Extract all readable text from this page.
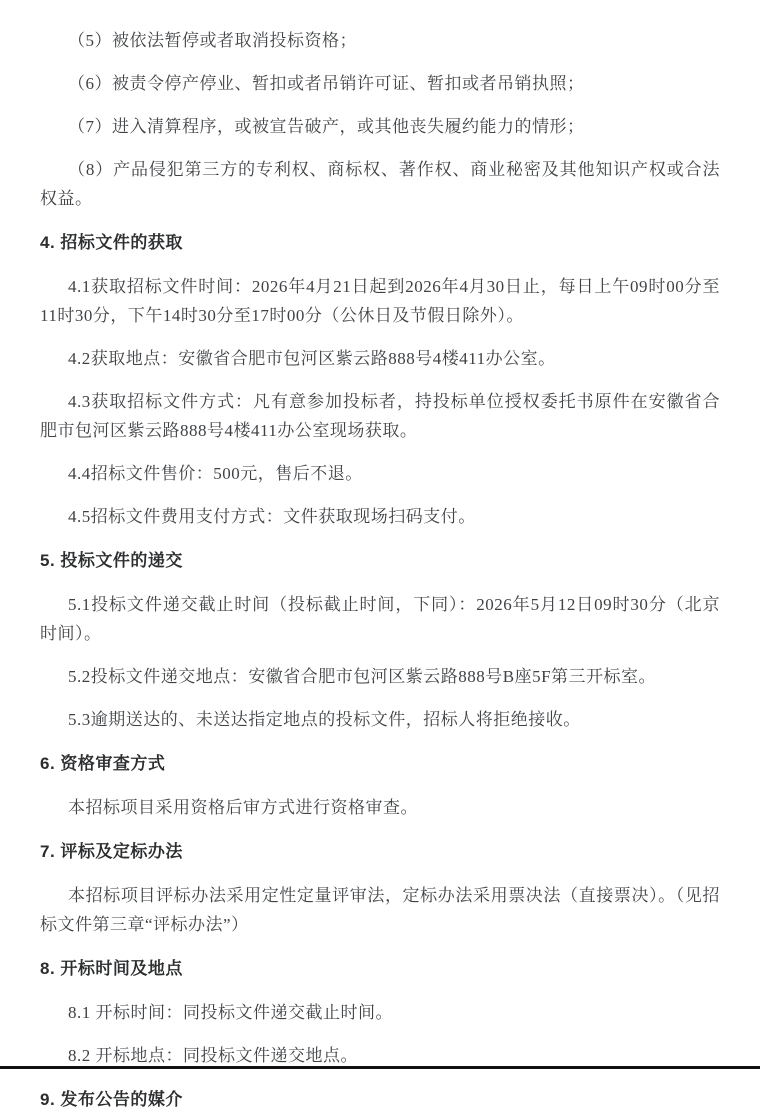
（5）被依法暂停或者取消投标资格；

（6）被责令停产停业、暂扣或者吊销许可证、暂扣或者吊销执照；

（7）进入清算程序，或被宣告破产，或其他丧失履约能力的情形；

（8）产品侵犯第三方的专利权、商标权、著作权、商业秘密及其他知识产权或合法权益。

4. 招标文件的获取

4.1获取招标文件时间：2026年4月21日起到2026年4月30日止，每日上午09时00分至11时30分，下午14时30分至17时00分（公休日及节假日除外）。

4.2获取地点：安徽省合肥市包河区紫云路888号4楼411办公室。

4.3获取招标文件方式：凡有意参加投标者，持投标单位授权委托书原件在安徽省合肥市包河区紫云路888号4楼411办公室现场获取。

4.4招标文件售价：500元，售后不退。

4.5招标文件费用支付方式：文件获取现场扫码支付。

5. 投标文件的递交

5.1投标文件递交截止时间（投标截止时间，下同）：2026年5月12日09时30分（北京时间）。

5.2投标文件递交地点：安徽省合肥市包河区紫云路888号B座5F第三开标室。

5.3逾期送达的、未送达指定地点的投标文件，招标人将拒绝接收。

6. 资格审查方式

本招标项目采用资格后审方式进行资格审查。

7. 评标及定标办法

本招标项目评标办法采用定性定量评审法，定标办法采用票决法（直接票决）。（见招标文件第三章“评标办法”）

8. 开标时间及地点

8.1 开标时间：同投标文件递交截止时间。

8.2 开标地点：同投标文件递交地点。

9. 发布公告的媒介
